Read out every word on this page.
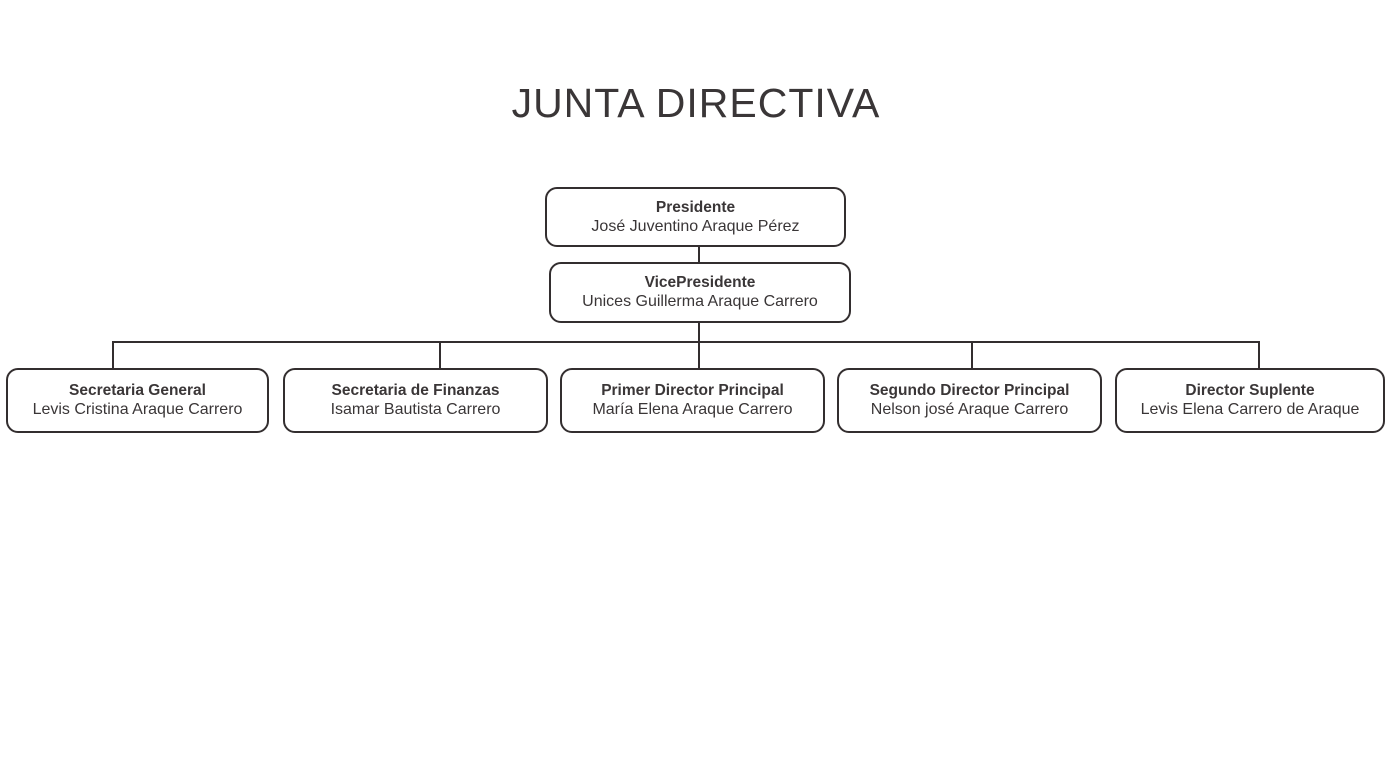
JUNTA DIRECTIVA
Presidente
José Juventino Araque Pérez
VicePresidente
Unices Guillerma Araque Carrero
Secretaria General
Levis Cristina Araque Carrero
Secretaria de Finanzas
Isamar Bautista Carrero
Primer Director Principal
María Elena Araque Carrero
Segundo Director Principal
Nelson josé Araque Carrero
Director Suplente
Levis Elena Carrero de Araque
